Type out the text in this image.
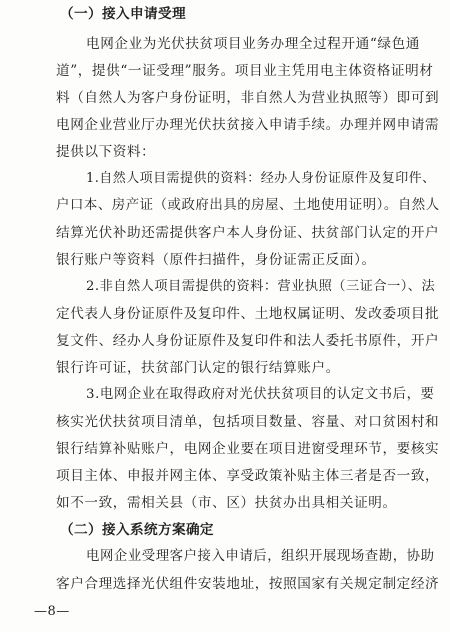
（一）接入申请受理
电网企业为光伏扶贫项目业务办理全过程开通“绿色通
道”，提供“一证受理”服务。项目业主凭用电主体资格证明材
料（自然人为客户身份证明，非自然人为营业执照等）即可到
电网企业营业厅办理光伏扶贫接入申请手续。办理并网申请需
提供以下资料：
1.自然人项目需提供的资料：经办人身份证原件及复印件、
户口本、房产证（或政府出具的房屋、土地使用证明）。自然人
结算光伏补助还需提供客户本人身份证、扶贫部门认定的开户
银行账户等资料（原件扫描件，身份证需正反面）。
2.非自然人项目需提供的资料：营业执照（三证合一）、法
定代表人身份证原件及复印件、土地权属证明、发改委项目批
复文件、经办人身份证原件及复印件和法人委托书原件，开户
银行许可证，扶贫部门认定的银行结算账户。
3.电网企业在取得政府对光伏扶贫项目的认定文书后，要
核实光伏扶贫项目清单，包括项目数量、容量、对口贫困村和
银行结算补贴账户，电网企业要在项目进窗受理环节，要核实
项目主体、申报并网主体、享受政策补贴主体三者是否一致，
如不一致，需相关县（市、区）扶贫办出具相关证明。
（二）接入系统方案确定
电网企业受理客户接入申请后，组织开展现场查勘，协助
客户合理选择光伏组件安装地址，按照国家有关规定制定经济
—8—
